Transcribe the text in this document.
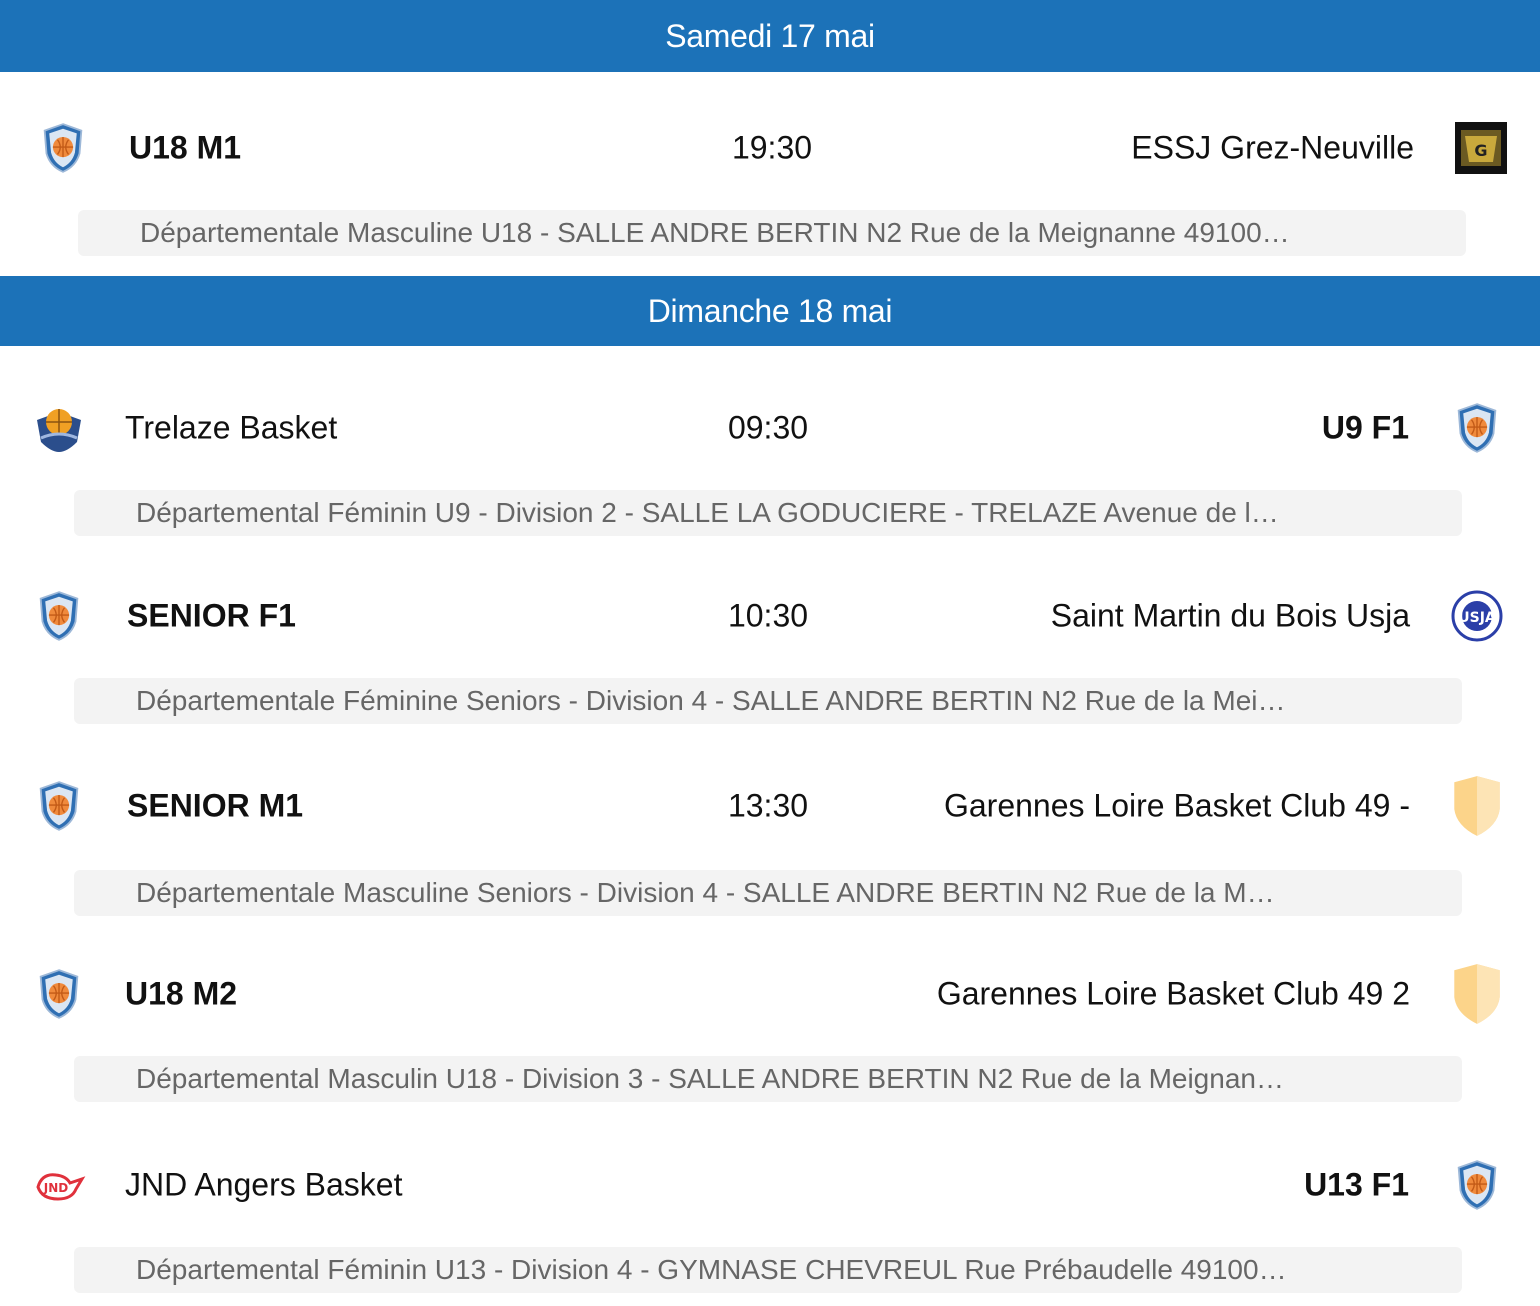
Samedi 17 mai
Dimanche 18 mai
U18 M1	19:30	ESSJ Grez-Neuville	G
Départementale Masculine U18 - SALLE ANDRE BERTIN N2 Rue de la Meignanne 49100…
Trelaze Basket	09:30	U9 F1
Départemental Féminin U9 - Division 2 - SALLE LA GODUCIERE - TRELAZE Avenue de l…
SENIOR F1	10:30	Saint Martin du Bois Usja	USJA
Départementale Féminine Seniors - Division 4 - SALLE ANDRE BERTIN N2 Rue de la Mei…
SENIOR M1	13:30	Garennes Loire Basket Club 49 -
Départementale Masculine Seniors - Division 4 - SALLE ANDRE BERTIN N2 Rue de la M…
U18 M2	Garennes Loire Basket Club 49 2
Départemental Masculin U18 - Division 3 - SALLE ANDRE BERTIN N2 Rue de la Meignan…
JND JND Angers Basket	U13 F1
Départemental Féminin U13 - Division 4 - GYMNASE CHEVREUL Rue Prébaudelle 49100…
